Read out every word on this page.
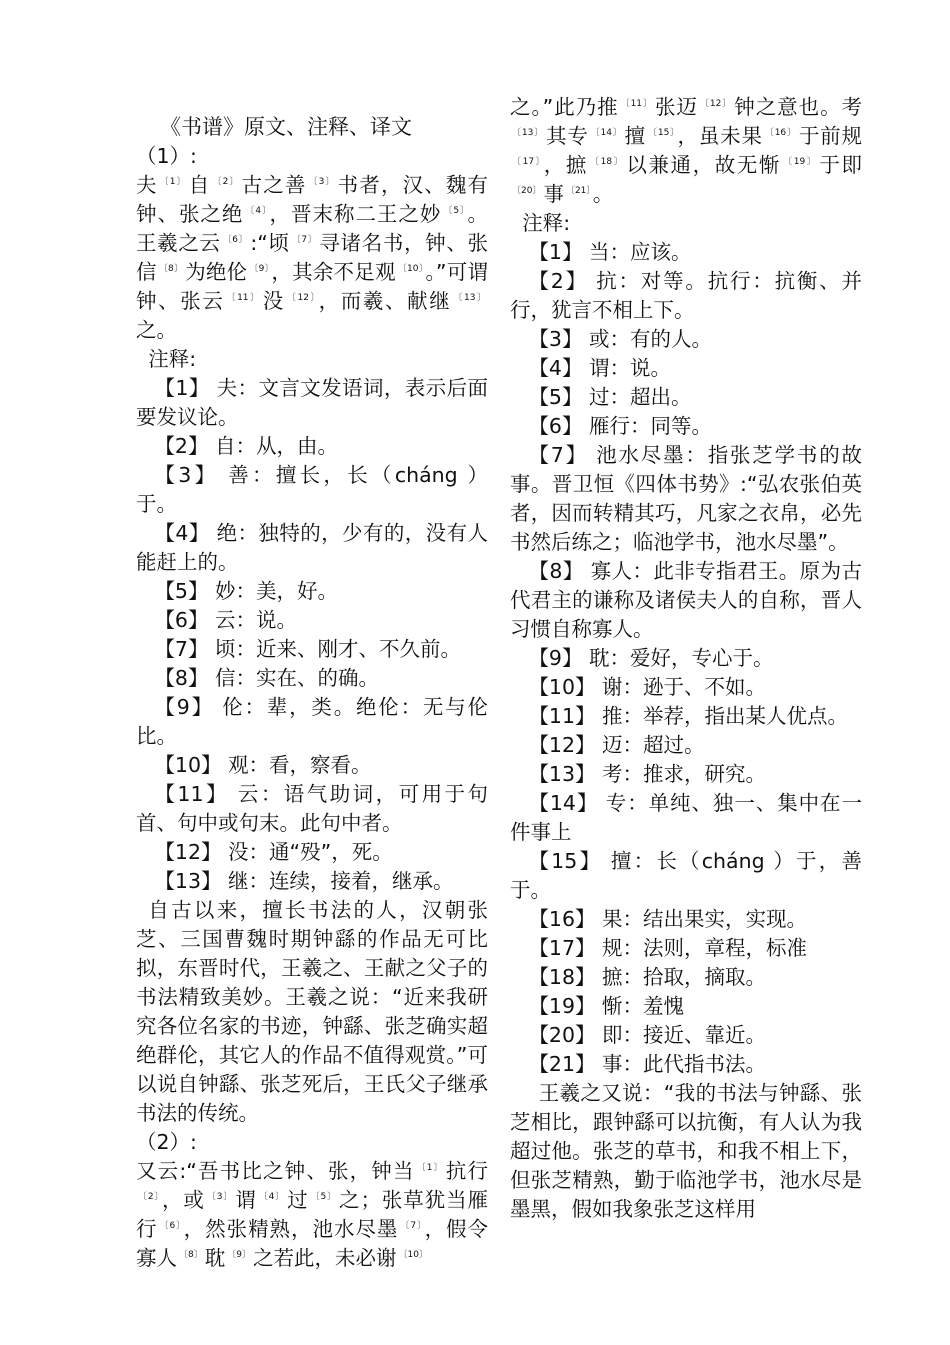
《书谱》原文、注释、译文

（1）:

夫 $^{〔1〕}$自 $^{〔2〕}$古之善 $^{〔3〕}$书者，汉、魏有钟、张之绝 $^{〔4〕}$，晋末称二王之妙 $^{〔5〕}$。王羲之云 $^{〔6〕}$:“顷 $^{〔7〕}$寻诸名书，钟、张信 $^{〔8〕}$为绝伦 $^{〔9〕}$，其余不足观 $^{〔10〕}$。”可谓钟、张云 $^{〔11〕}$没 $^{〔12〕}$，而羲、献继 $^{〔13〕}$之。

注释:

【1】 夫：文言文发语词，表示后面要发议论。

【2】 自：从，由。

【3】 善：擅长，长（cháng ）于。

【4】 绝：独特的，少有的，没有人能赶上的。

【5】 妙：美，好。

【6】 云：说。

【7】 顷：近来、刚才、不久前。

【8】 信：实在、的确。

【9】 伦：辈，类。绝伦：无与伦比。

【10】 观：看，察看。

【11】 云：语气助词，可用于句首、句中或句末。此句中者。

【12】 没：通“殁”，死。

【13】 继：连续，接着，继承。

自古以来，擅长书法的人，汉朝张芝、三国曹魏时期钟繇的作品无可比拟，东晋时代，王羲之、王献之父子的书法精致美妙。王羲之说：“近来我研究各位名家的书迹，钟繇、张芝确实超绝群伦，其它人的作品不值得观赏。”可以说自钟繇、张芝死后，王氏父子继承书法的传统。

（2）:

又云:“吾书比之钟、张，钟当 $^{〔1〕}$抗行$^{〔2〕}$，或 $^{〔3〕}$谓 $^{〔4〕}$过 $^{〔5〕}$之；张草犹当雁行 $^{〔6〕}$，然张精熟，池水尽墨 $^{〔7〕}$，假令寡人 $^{〔8〕}$耽 $^{〔9〕}$之若此，未必谢 $^{〔10〕}$

之。”此乃推 $^{〔11〕}$张迈 $^{〔12〕}$钟之意也。考$^{〔13〕}$其专 $^{〔14〕}$擅 $^{〔15〕}$，虽未果 $^{〔16〕}$于前规$^{〔17〕}$，摭 $^{〔18〕}$以兼通，故无惭 $^{〔19〕}$于即$^{〔20〕}$事 $^{〔21〕}$。

注释:

【1】 当：应该。

【2】 抗：对等。抗行：抗衡、并行，犹言不相上下。

【3】 或：有的人。

【4】 谓：说。

【5】 过：超出。

【6】 雁行：同等。

【7】 池水尽墨：指张芝学书的故事。晋卫恒《四体书势》:“弘农张伯英者，因而转精其巧，凡家之衣帛，必先书然后练之；临池学书，池水尽墨”。

【8】 寡人：此非专指君王。原为古代君主的谦称及诸侯夫人的自称，晋人习惯自称寡人。

【9】 耽：爱好，专心于。

【10】 谢：逊于、不如。

【11】 推：举荐，指出某人优点。

【12】 迈：超过。

【13】 考：推求，研究。

【14】 专：单纯、独一、集中在一件事上

【15】 擅：长（cháng ）于，善于。

【16】 果：结出果实，实现。

【17】 规：法则，章程，标准

【18】 摭：拾取，摘取。

【19】 惭：羞愧

【20】 即：接近、靠近。

【21】 事：此代指书法。

王羲之又说：“我的书法与钟繇、张芝相比，跟钟繇可以抗衡，有人认为我超过他。张芝的草书，和我不相上下，但张芝精熟，勤于临池学书，池水尽是墨黑，假如我象张芝这样用
